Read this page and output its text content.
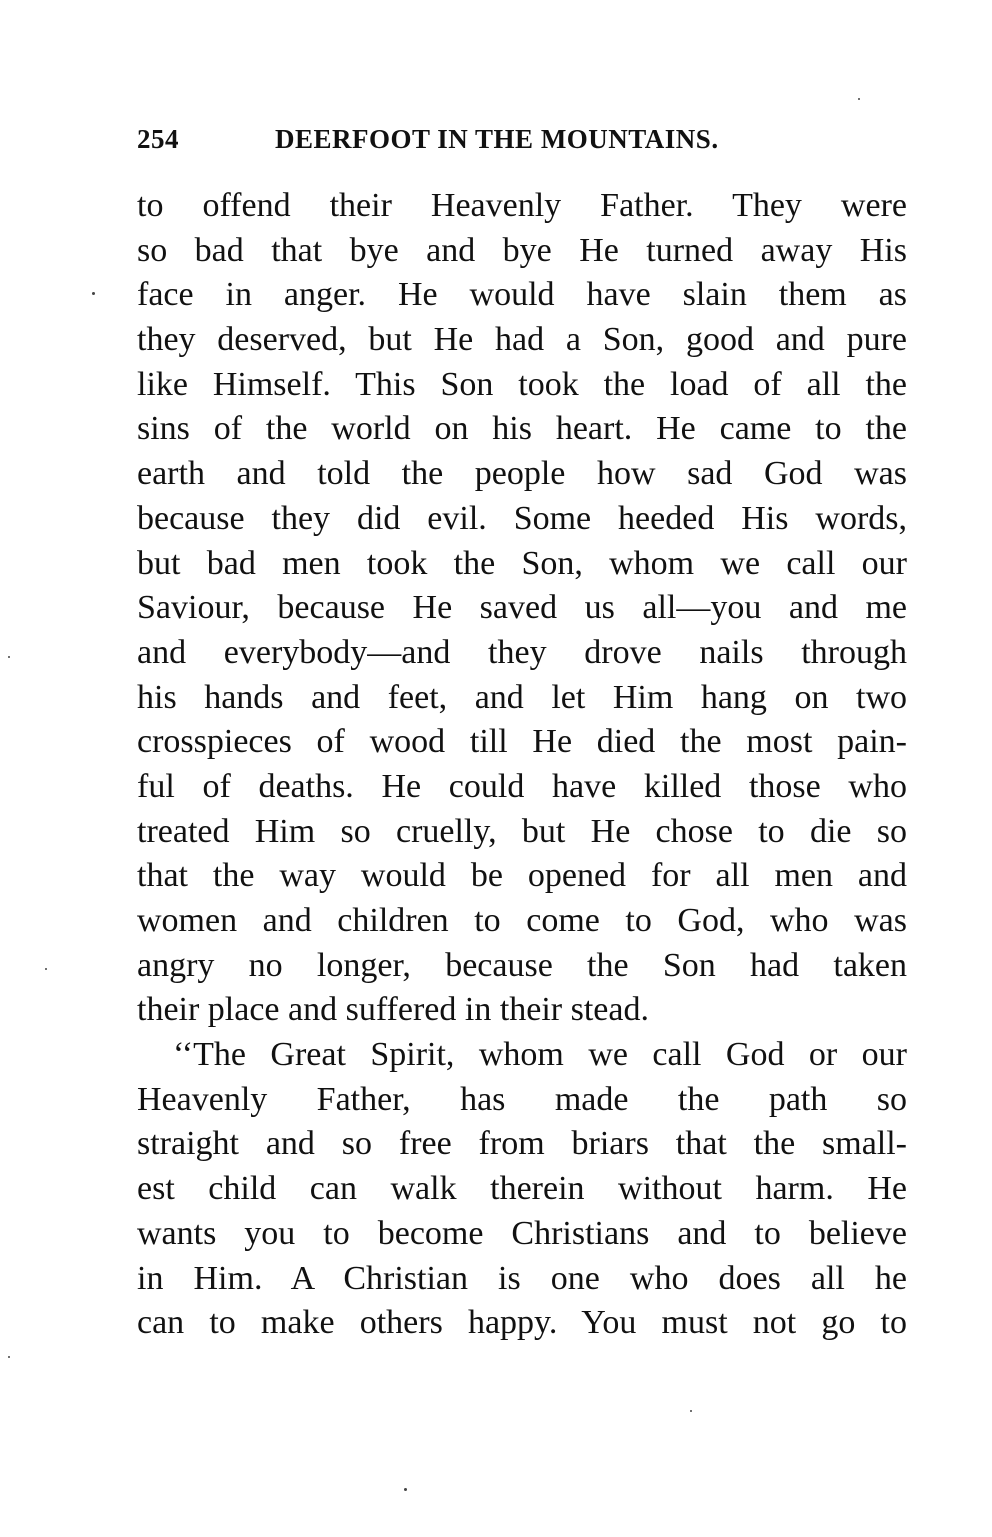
254	DEERFOOT IN THE MOUNTAINS.
to offend their Heavenly Father. They were
so bad that bye and bye He turned away His
face in anger. He would have slain them as
they deserved, but He had a Son, good and pure
like Himself. This Son took the load of all the
sins of the world on his heart. He came to the
earth and told the people how sad God was
because they did evil. Some heeded His words,
but bad men took the Son, whom we call our
Saviour, because He saved us all—you and me
and everybody—and they drove nails through
his hands and feet, and let Him hang on two
crosspieces of wood till He died the most pain-
ful of deaths. He could have killed those who
treated Him so cruelly, but He chose to die so
that the way would be opened for all men and
women and children to come to God, who was
angry no longer, because the Son had taken
their place and suffered in their stead.
‘‘The Great Spirit, whom we call God or our
Heavenly Father, has made the path so
straight and so free from briars that the small-
est child can walk therein without harm. He
wants you to become Christians and to believe
in Him. A Christian is one who does all he
can to make others happy. You must not go to
